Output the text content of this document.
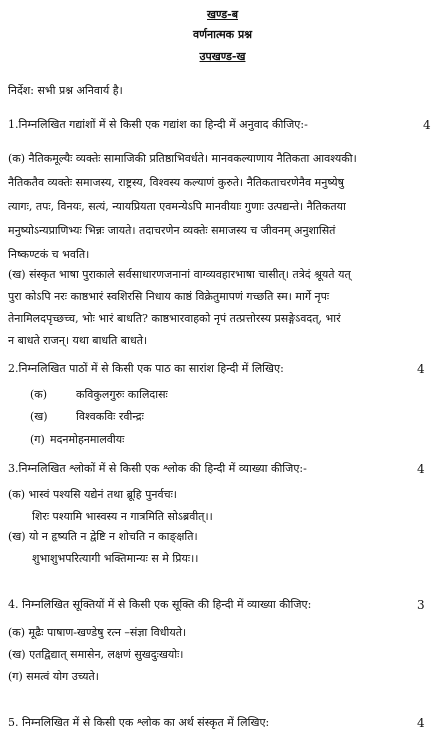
खण्ड-ब
वर्णनात्मक प्रश्न
उपखण्ड-ख
निर्देश: सभी प्रश्न अनिवार्य है।
1.निम्नलिखित गद्यांशों में से किसी एक गद्यांश का हिन्दी में अनुवाद कीजिए:-	4
(क) नैतिकमूल्यैः व्यक्तेः सामाजिकी प्रतिष्ठाभिवर्धते। मानवकल्याणाय नैतिकता आवश्यकी।
नैतिकतैव व्यक्तेः समाजस्य, राष्ट्रस्य, विश्वस्य कल्याणं कुरुते। नैतिकताचरणेनैव मनुष्येषु
त्यागः, तपः, विनयः, सत्यं, न्यायप्रियता एवमन्येऽपि मानवीयाः गुणाः उत्पद्यन्ते। नैतिकतया
मनुष्योऽन्यप्राणिभ्यः भिन्नः जायते। तदाचरणेन व्यक्तेः समाजस्य च जीवनम् अनुशासितं
निष्कण्टकं च भवति।
(ख) संस्कृत भाषा पुराकाले सर्वसाधारणजनानां वाग्व्यवहारभाषा चासीत्। तत्रेदं श्रूयते यत्
पुरा कोऽपि नरः काष्ठभारं स्वशिरसि निधाय काष्ठं विक्रेतुमापणं गच्छति स्म। मार्गे नृपः
तेनामिलदपृच्छच्च, भोः भारं बाधति? काष्ठभारवाहको नृपं तत्प्रत्तोरस्य प्रसङ्गेऽवदत्, भारं
न बाधते राजन्। यथा बाधति बाधते।
2.निम्नलिखित पाठों में से किसी एक पाठ का सारांश हिन्दी में लिखिए:	4
(क)	कविकुलगुरुः कालिदासः
(ख)	विश्वकविः रवीन्द्रः
(ग) मदनमोहनमालवीयः
3.निम्नलिखित श्लोकों में से किसी एक श्लोक की हिन्दी में व्याख्या कीजिए:-	4
(क) भास्वं पश्यसि यद्येनं तथा ब्रूहि पुनर्वचः।
शिरः पश्यामि भास्वस्य न गात्रमिति सोऽब्रवीत्।।
(ख) यो न हृष्यति न द्वेष्टि न शोचति न काङ्क्षति।
शुभाशुभपरित्यागी भक्तिमान्यः स मे प्रियः।।
4. निम्नलिखित सूक्तियों में से किसी एक सूक्ति की हिन्दी में व्याख्या कीजिए:	3
(क) मूढैः पाषाण-खण्डेषु रत्न –संज्ञा विधीयते।
(ख) एतद्विद्यात् समासेन, लक्षणं सुखदुःखयोः।
(ग) समत्वं योग उच्यते।
5. निम्नलिखित में से किसी एक श्लोक का अर्थ संस्कृत में लिखिए:	4
